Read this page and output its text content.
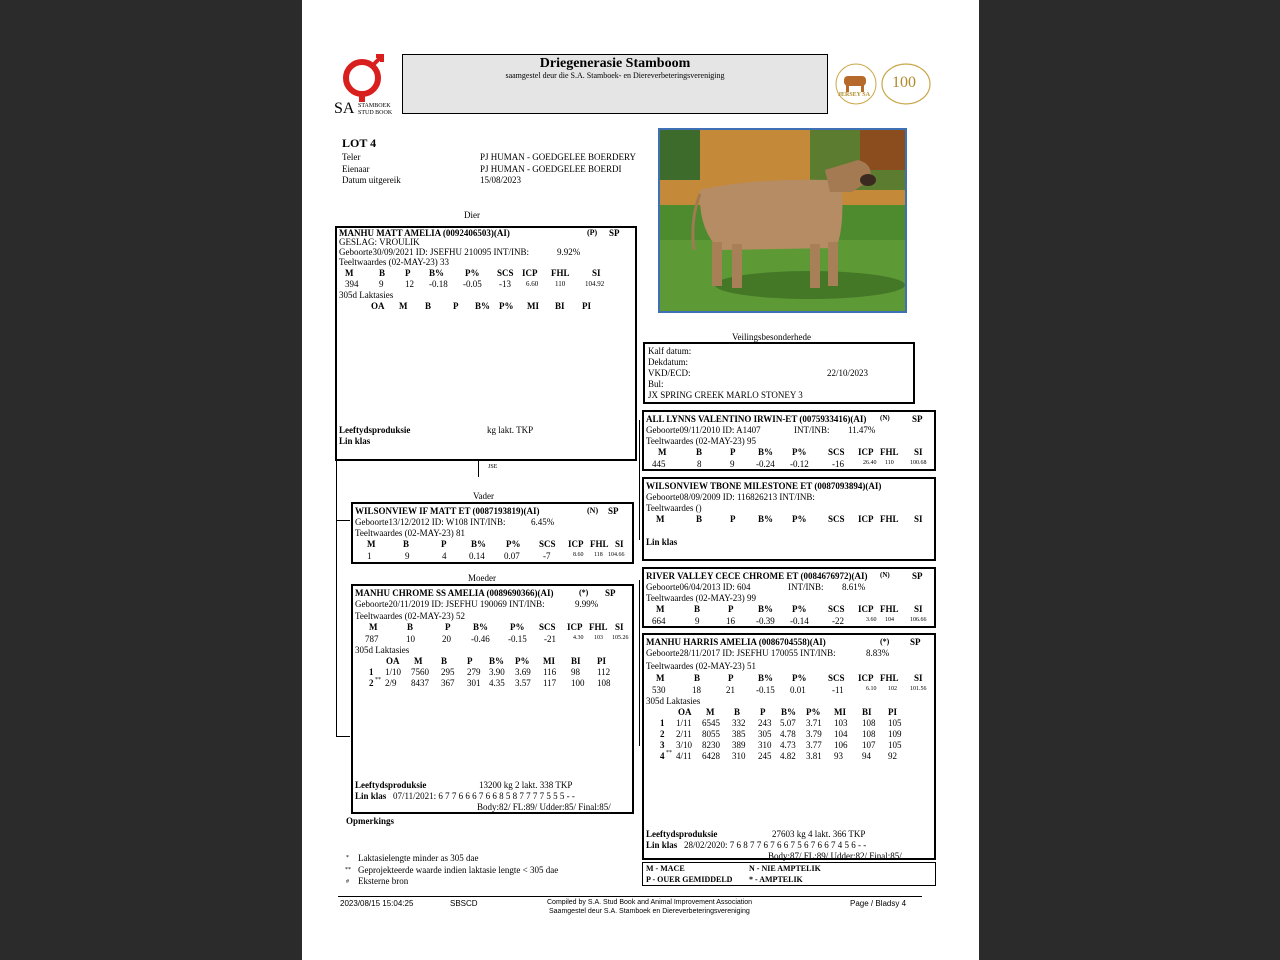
SA STAMBOEK
STUD BOOK
Driegenerasie Stamboom
saamgestel deur die S.A. Stamboek- en Diereverbeteringsvereniging
JERSEY SA
100
LOT 4
Teler	PJ HUMAN - GOEDGELEE BOERDERY
Eienaar	PJ HUMAN - GOEDGELEE BOERDI
Datum uitgereik	15/08/2023
Dier
Veilingsbesonderhede
Vader
Moeder
MANHU MATT AMELIA (0092406503)(AI)	(P) SP
GESLAG: VROULIK
Geboorte30/09/2021 ID: JSEFHU 210095 INT/INB:	9.92%
Teeltwaardes (02-MAY-23) 33
M	B P B% P% SCS ICP FHL SI
394 9 12 -0.18 -0.05 -13 6.60 110	104.92
305d Laktasies
OA M B P B% P% MI BI PI
Leeftydsproduksie	kg lakt. TKP
Lin klas
JSE
WILSONVIEW IF MATT ET (0087193819)(AI)	(N) SP
Geboorte13/12/2012 ID: W108 INT/INB:	6.45%
Teeltwaardes (02-MAY-23) 81
M	B	P	B% P% SCS ICP FHL SI
1	9	4	0.14 0.07	-7	8.60 118 104.66
MANHU CHROME SS AMELIA (0089690366)(AI)	(*) SP
Geboorte20/11/2019 ID: JSEFHU 190069 INT/INB:	9.99%
Teeltwaardes (02-MAY-23) 52
M	B	P	B% P% SCS ICP FHL SI
787	10	20 -0.46 -0.15 -21	4.30 103 105.26
305d Laktasies
OA M B P B% P% MI BI PI
1 1/10 7560 295 279 3.90 3.69 116 98 112
2 ** 2/9 8437 367 301 4.35 3.57 117 100 108
Leeftydsproduksie	13200 kg 2 lakt. 338 TKP
Lin klas 07/11/2021: 6 7 7 6 6 6 7 6 6 8 5 8 7 7 7 7 5 5 5 - -
Body:82/ FL:89/ Udder:85/ Final:85/
Opmerkings
Kalf datum:
Dekdatum:
VKD/ECD:	22/10/2023
Bul:
JX SPRING CREEK MARLO STONEY 3
ALL LYNNS VALENTINO IRWIN-ET (0075933416)(AI) (N) SP
Geboorte09/11/2010 ID: A1407	INT/INB: 11.47%
Teeltwaardes (02-MAY-23) 95
M	B	P	B% P% SCS ICP FHL SI
445	8	9 -0.24 -0.12	-16	26.40 110	100.68
WILSONVIEW TBONE MILESTONE ET (0087093894)(AI)
Geboorte08/09/2009 ID: 116826213 INT/INB:
Teeltwaardes ()
M	B	P	B% P% SCS ICP FHL SI
Lin klas
RIVER VALLEY CECE CHROME ET (0084676972)(AI) (N) SP
Geboorte06/04/2013 ID: 604	INT/INB: 8.61%
Teeltwaardes (02-MAY-23) 99
M	B	P	B% P% SCS ICP FHL SI
664	9	16 -0.39 -0.14	-22	3.60 104	106.66
MANHU HARRIS AMELIA (0086704558)(AI)	(*) SP
Geboorte28/11/2017 ID: JSEFHU 170055 INT/INB:	8.83%
Teeltwaardes (02-MAY-23) 51
M	B	P	B% P% SCS ICP FHL SI
530	18	21 -0.15 0.01	-11	6.10 102 101.56
305d Laktasies
OA M B P B% P% MI BI PI
1 1/11 6545 332 243 5.07 3.71 103 108 105
2 2/11 8055 385 305 4.78 3.79 104 108 109
3 3/10 8230 389 310 4.73 3.77 106 107 105
4 ** 4/11 6428 310 245 4.82 3.81 93 94 92
Leeftydsproduksie	27603 kg 4 lakt. 366 TKP
Lin klas 28/02/2020: 7 6 8 7 7 6 7 6 6 7 5 6 7 6 6 7 4 5 6 - -
Body:87/ FL:89/ Udder:82/ Final:85/
M - MACE	N - NIE AMPTELIK
P - OUER GEMIDDELD * - AMPTELIK
* Laktasielengte minder as 305 dae
** Geprojekteerde waarde indien laktasie lengte < 305 dae
# Eksterne bron
2023/08/15 15:04:25	SBSCD	Compiled by S.A. Stud Book and Animal Improvement Association
Saamgestel deur S.A. Stamboek en Diereverbeteringsvereniging
Page / Bladsy 4
